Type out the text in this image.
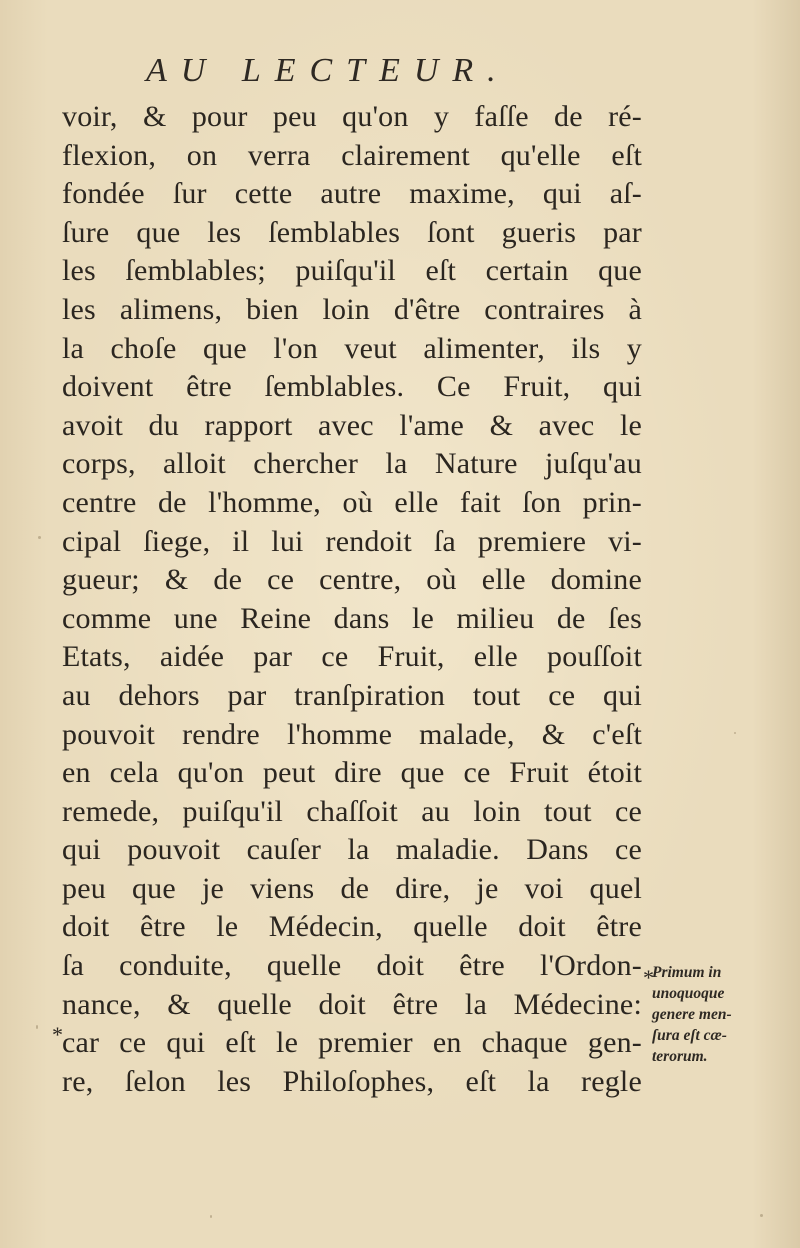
AU LECTEUR.
voir, & pour peu qu'on y faſſe de ré-
flexion, on verra clairement qu'elle eſt
fondée ſur cette autre maxime, qui aſ-
ſure que les ſemblables ſont gueris par
les ſemblables; puiſqu'il eſt certain que
les alimens, bien loin d'être contraires à
la choſe que l'on veut alimenter, ils y
doivent être ſemblables. Ce Fruit, qui
avoit du rapport avec l'ame & avec le
corps, alloit chercher la Nature juſqu'au
centre de l'homme, où elle fait ſon prin-
cipal ſiege, il lui rendoit ſa premiere vi-
gueur; & de ce centre, où elle domine
comme une Reine dans le milieu de ſes
Etats, aidée par ce Fruit, elle pouſſoit
au dehors par tranſpiration tout ce qui
pouvoit rendre l'homme malade, & c'eſt
en cela qu'on peut dire que ce Fruit étoit
remede, puiſqu'il chaſſoit au loin tout ce
qui pouvoit cauſer la maladie. Dans ce
peu que je viens de dire, je voi quel
doit être le Médecin, quelle doit être
ſa conduite, quelle doit être l'Ordon-
nance, & quelle doit être la Médecine:
car ce qui eſt le premier en chaque gen-
re, ſelon les Philoſophes, eſt la regle
*
*
Primum in
unoquoque
genere men-
ſura eſt cæ-
terorum.
